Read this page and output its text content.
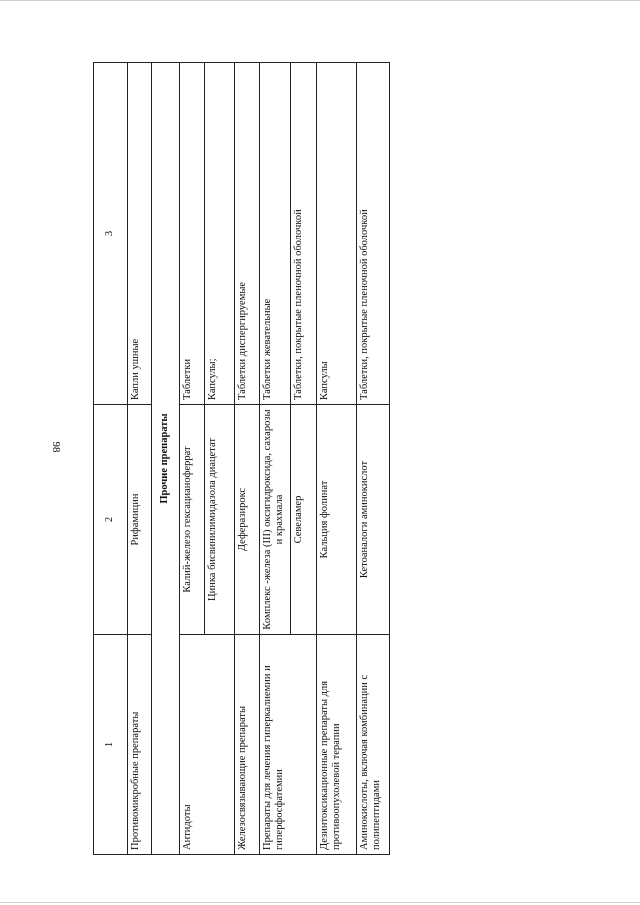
98
1	2	3
Противомикробные препараты	Рифамицин	Капли ушные
Прочие препараты		
Антидоты	Калий-железо гексацианоферрат	Таблетки
	Цинка бисвинилимидазола диацетат	Капсулы;
Железосвязывающие препараты	Деферазирокс	Таблетки диспергируемые
Препараты для лечения гиперкалиемии и гиперфосфатемии	Комплекс -железа (III) оксигидроксида, сахарозы и крахмала	Таблетки жевательные
	Севеламер	Таблетки, покрытые пленочной оболочкой
Дезинтоксикационные препараты для противоопухолевой терапии	Кальция фолинат	Капсулы
Аминокислоты, включая комбинации с полипептидами	Кетоаналоги аминокислот	Таблетки, покрытые пленочной оболочкой
